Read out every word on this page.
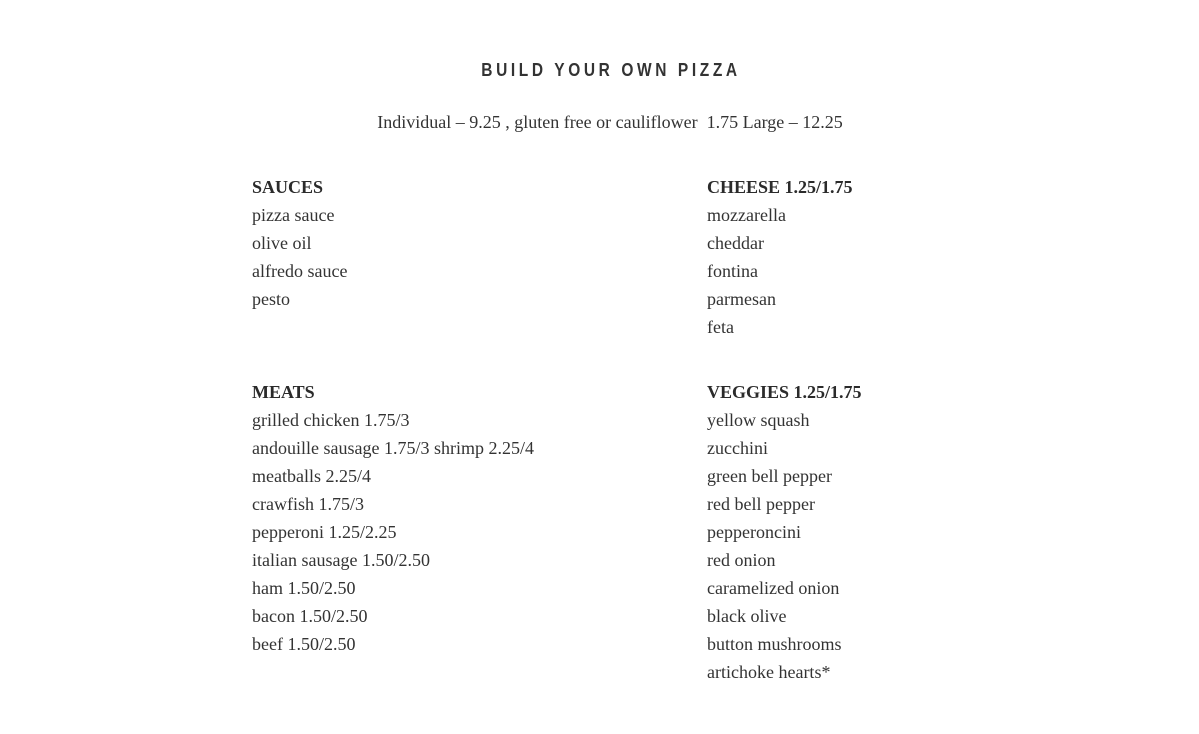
BUILD YOUR OWN PIZZA
Individual – 9.25 , gluten free or cauliflower  1.75 Large – 12.25
SAUCES
pizza sauce
olive oil
alfredo sauce
pesto
CHEESE 1.25/1.75
mozzarella
cheddar
fontina
parmesan
feta
MEATS
grilled chicken 1.75/3
andouille sausage 1.75/3 shrimp 2.25/4
meatballs 2.25/4
crawfish 1.75/3
pepperoni 1.25/2.25
italian sausage 1.50/2.50
ham 1.50/2.50
bacon 1.50/2.50
beef 1.50/2.50
VEGGIES 1.25/1.75
yellow squash
zucchini
green bell pepper
red bell pepper
pepperoncini
red onion
caramelized onion
black olive
button mushrooms
artichoke hearts*
